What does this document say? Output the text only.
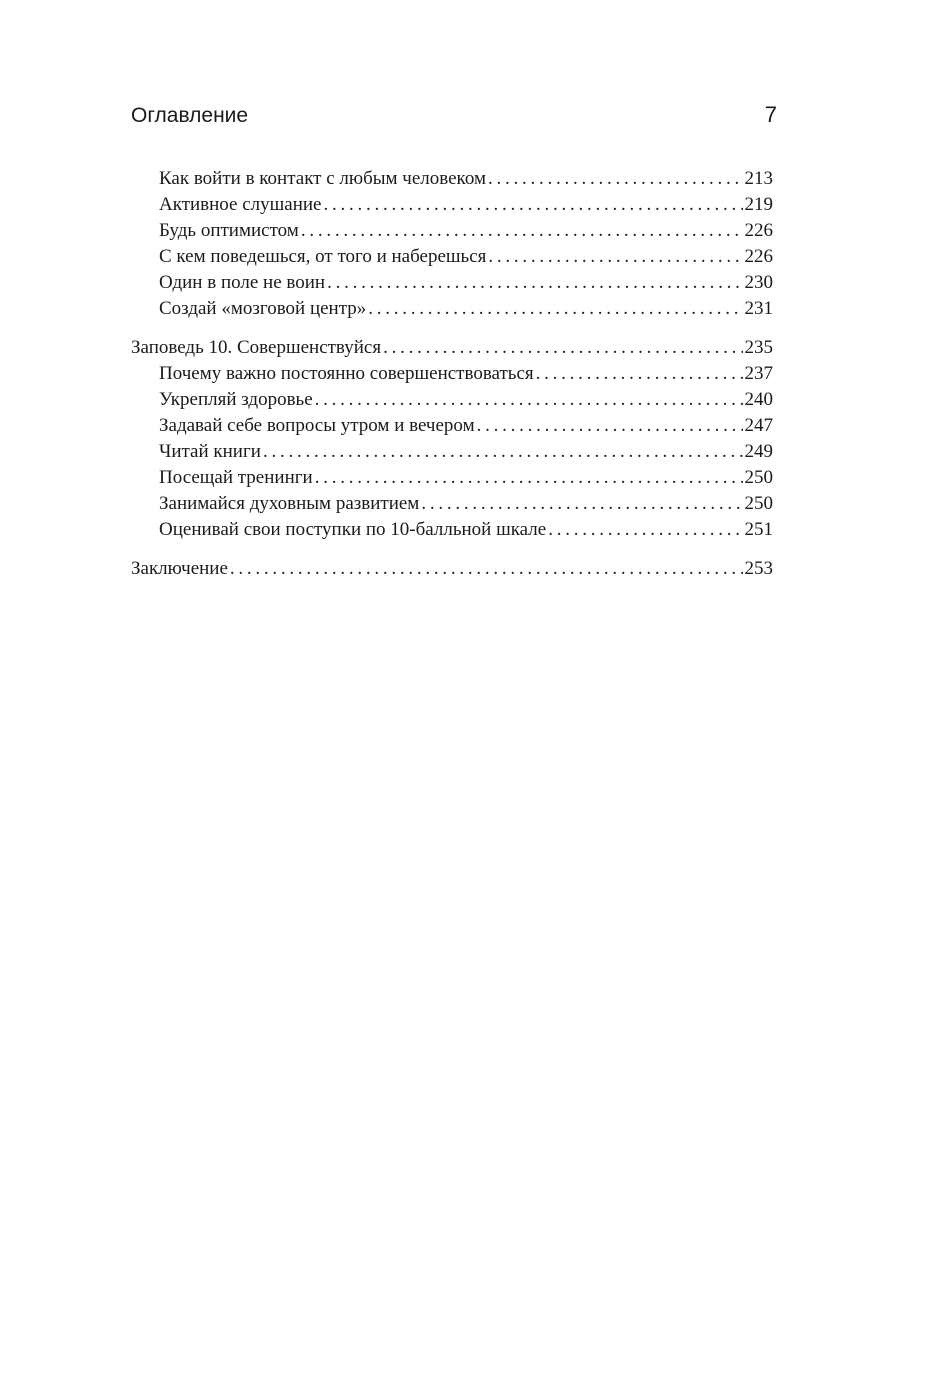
Оглавление	7
Как войти в контакт с любым человеком . . .	213
Активное слушание . . .	219
Будь оптимистом . . .	226
С кем поведешься, от того и наберешься . . .	226
Один в поле не воин . . .	230
Создай «мозговой центр» . . .	231
Заповедь 10. Совершенствуйся . . .	235
Почему важно постоянно совершенствоваться . . .	237
Укрепляй здоровье . . .	240
Задавай себе вопросы утром и вечером . . .	247
Читай книги . . .	249
Посещай тренинги . . .	250
Занимайся духовным развитием . . .	250
Оценивай свои поступки по 10-балльной шкале . . .	251
Заключение . . .	253
